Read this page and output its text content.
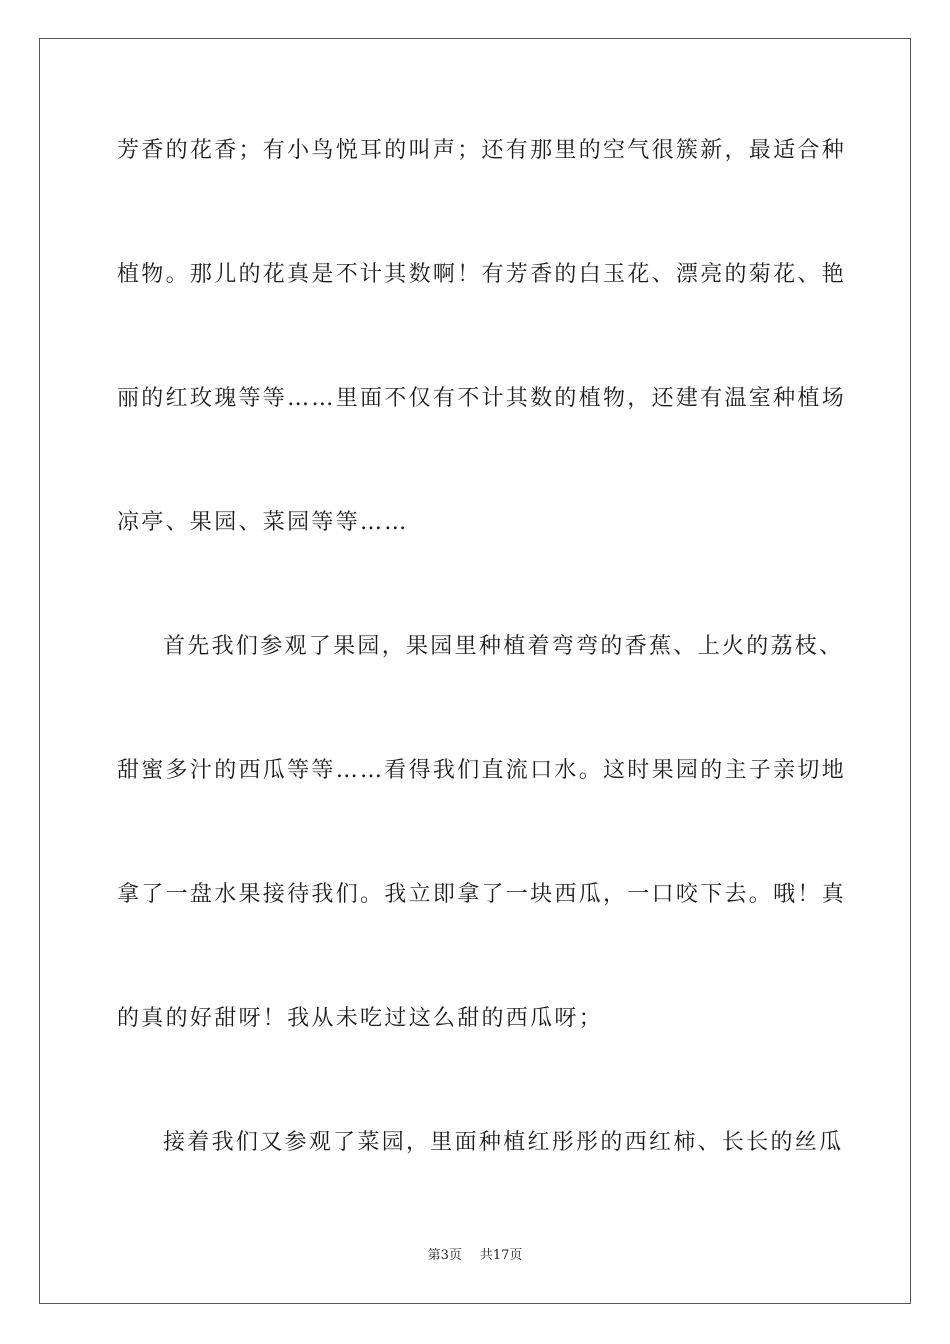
芳香的花香；有小鸟悦耳的叫声；还有那里的空气很簇新，最适合种
植物。那儿的花真是不计其数啊！有芳香的白玉花、漂亮的菊花、艳
丽的红玫瑰等等……里面不仅有不计其数的植物，还建有温室种植场
凉亭、果园、菜园等等……
首先我们参观了果园，果园里种植着弯弯的香蕉、上火的荔枝、
甜蜜多汁的西瓜等等……看得我们直流口水。这时果园的主子亲切地
拿了一盘水果接待我们。我立即拿了一块西瓜，一口咬下去。哦！真
的真的好甜呀！我从未吃过这么甜的西瓜呀；
接着我们又参观了菜园，里面种植红彤彤的西红柿、长长的丝瓜
第3页 共17页
